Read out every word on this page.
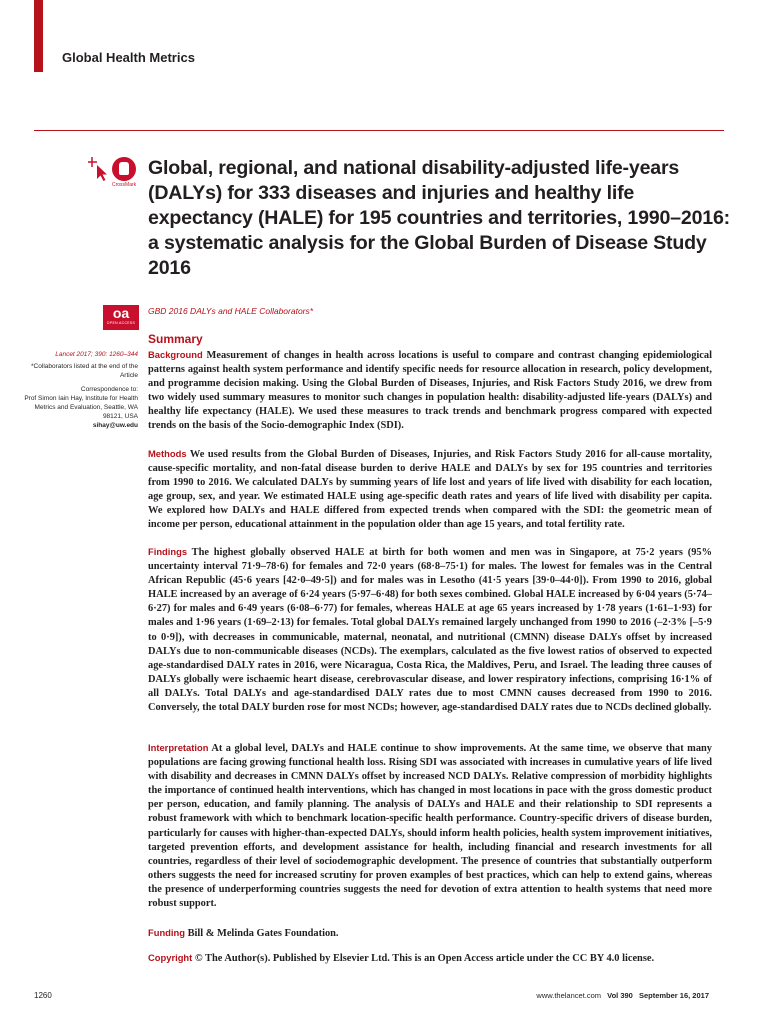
Global Health Metrics
CrossMark
Global, regional, and national disability-adjusted life-years (DALYs) for 333 diseases and injuries and healthy life expectancy (HALE) for 195 countries and territories, 1990–2016: a systematic analysis for the Global Burden of Disease Study 2016
oa
OPEN ACCESS
GBD 2016 DALYs and HALE Collaborators*
Summary
Lancet 2017; 390: 1260–344
*Collaborators listed at the end of the Article
Correspondence to:
Prof Simon Iain Hay, Institute for Health Metrics and Evaluation, Seattle, WA 98121, USA
sihay@uw.edu
Background Measurement of changes in health across locations is useful to compare and contrast changing epidemiological patterns against health system performance and identify specific needs for resource allocation in research, policy development, and programme decision making. Using the Global Burden of Diseases, Injuries, and Risk Factors Study 2016, we drew from two widely used summary measures to monitor such changes in population health: disability-adjusted life-years (DALYs) and healthy life expectancy (HALE). We used these measures to track trends and benchmark progress compared with expected trends on the basis of the Socio-demographic Index (SDI).
Methods We used results from the Global Burden of Diseases, Injuries, and Risk Factors Study 2016 for all-cause mortality, cause-specific mortality, and non-fatal disease burden to derive HALE and DALYs by sex for 195 countries and territories from 1990 to 2016. We calculated DALYs by summing years of life lost and years of life lived with disability for each location, age group, sex, and year. We estimated HALE using age-specific death rates and years of life lived with disability per capita. We explored how DALYs and HALE differed from expected trends when compared with the SDI: the geometric mean of income per person, educational attainment in the population older than age 15 years, and total fertility rate.
Findings The highest globally observed HALE at birth for both women and men was in Singapore, at 75·2 years (95% uncertainty interval 71·9–78·6) for females and 72·0 years (68·8–75·1) for males. The lowest for females was in the Central African Republic (45·6 years [42·0–49·5]) and for males was in Lesotho (41·5 years [39·0–44·0]). From 1990 to 2016, global HALE increased by an average of 6·24 years (5·97–6·48) for both sexes combined. Global HALE increased by 6·04 years (5·74–6·27) for males and 6·49 years (6·08–6·77) for females, whereas HALE at age 65 years increased by 1·78 years (1·61–1·93) for males and 1·96 years (1·69–2·13) for females. Total global DALYs remained largely unchanged from 1990 to 2016 (–2·3% [–5·9 to 0·9]), with decreases in communicable, maternal, neonatal, and nutritional (CMNN) disease DALYs offset by increased DALYs due to non-communicable diseases (NCDs). The exemplars, calculated as the five lowest ratios of observed to expected age-standardised DALY rates in 2016, were Nicaragua, Costa Rica, the Maldives, Peru, and Israel. The leading three causes of DALYs globally were ischaemic heart disease, cerebrovascular disease, and lower respiratory infections, comprising 16·1% of all DALYs. Total DALYs and age-standardised DALY rates due to most CMNN causes decreased from 1990 to 2016. Conversely, the total DALY burden rose for most NCDs; however, age-standardised DALY rates due to NCDs declined globally.
Interpretation At a global level, DALYs and HALE continue to show improvements. At the same time, we observe that many populations are facing growing functional health loss. Rising SDI was associated with increases in cumulative years of life lived with disability and decreases in CMNN DALYs offset by increased NCD DALYs. Relative compression of morbidity highlights the importance of continued health interventions, which has changed in most locations in pace with the gross domestic product per person, education, and family planning. The analysis of DALYs and HALE and their relationship to SDI represents a robust framework with which to benchmark location-specific health performance. Country-specific drivers of disease burden, particularly for causes with higher-than-expected DALYs, should inform health policies, health system improvement initiatives, targeted prevention efforts, and development assistance for health, including financial and research investments for all countries, regardless of their level of sociodemographic development. The presence of countries that substantially outperform others suggests the need for increased scrutiny for proven examples of best practices, which can help to extend gains, whereas the presence of underperforming countries suggests the need for devotion of extra attention to health systems that need more robust support.
Funding Bill & Melinda Gates Foundation.
Copyright © The Author(s). Published by Elsevier Ltd. This is an Open Access article under the CC BY 4.0 license.
1260	www.thelancet.com Vol 390 September 16, 2017
